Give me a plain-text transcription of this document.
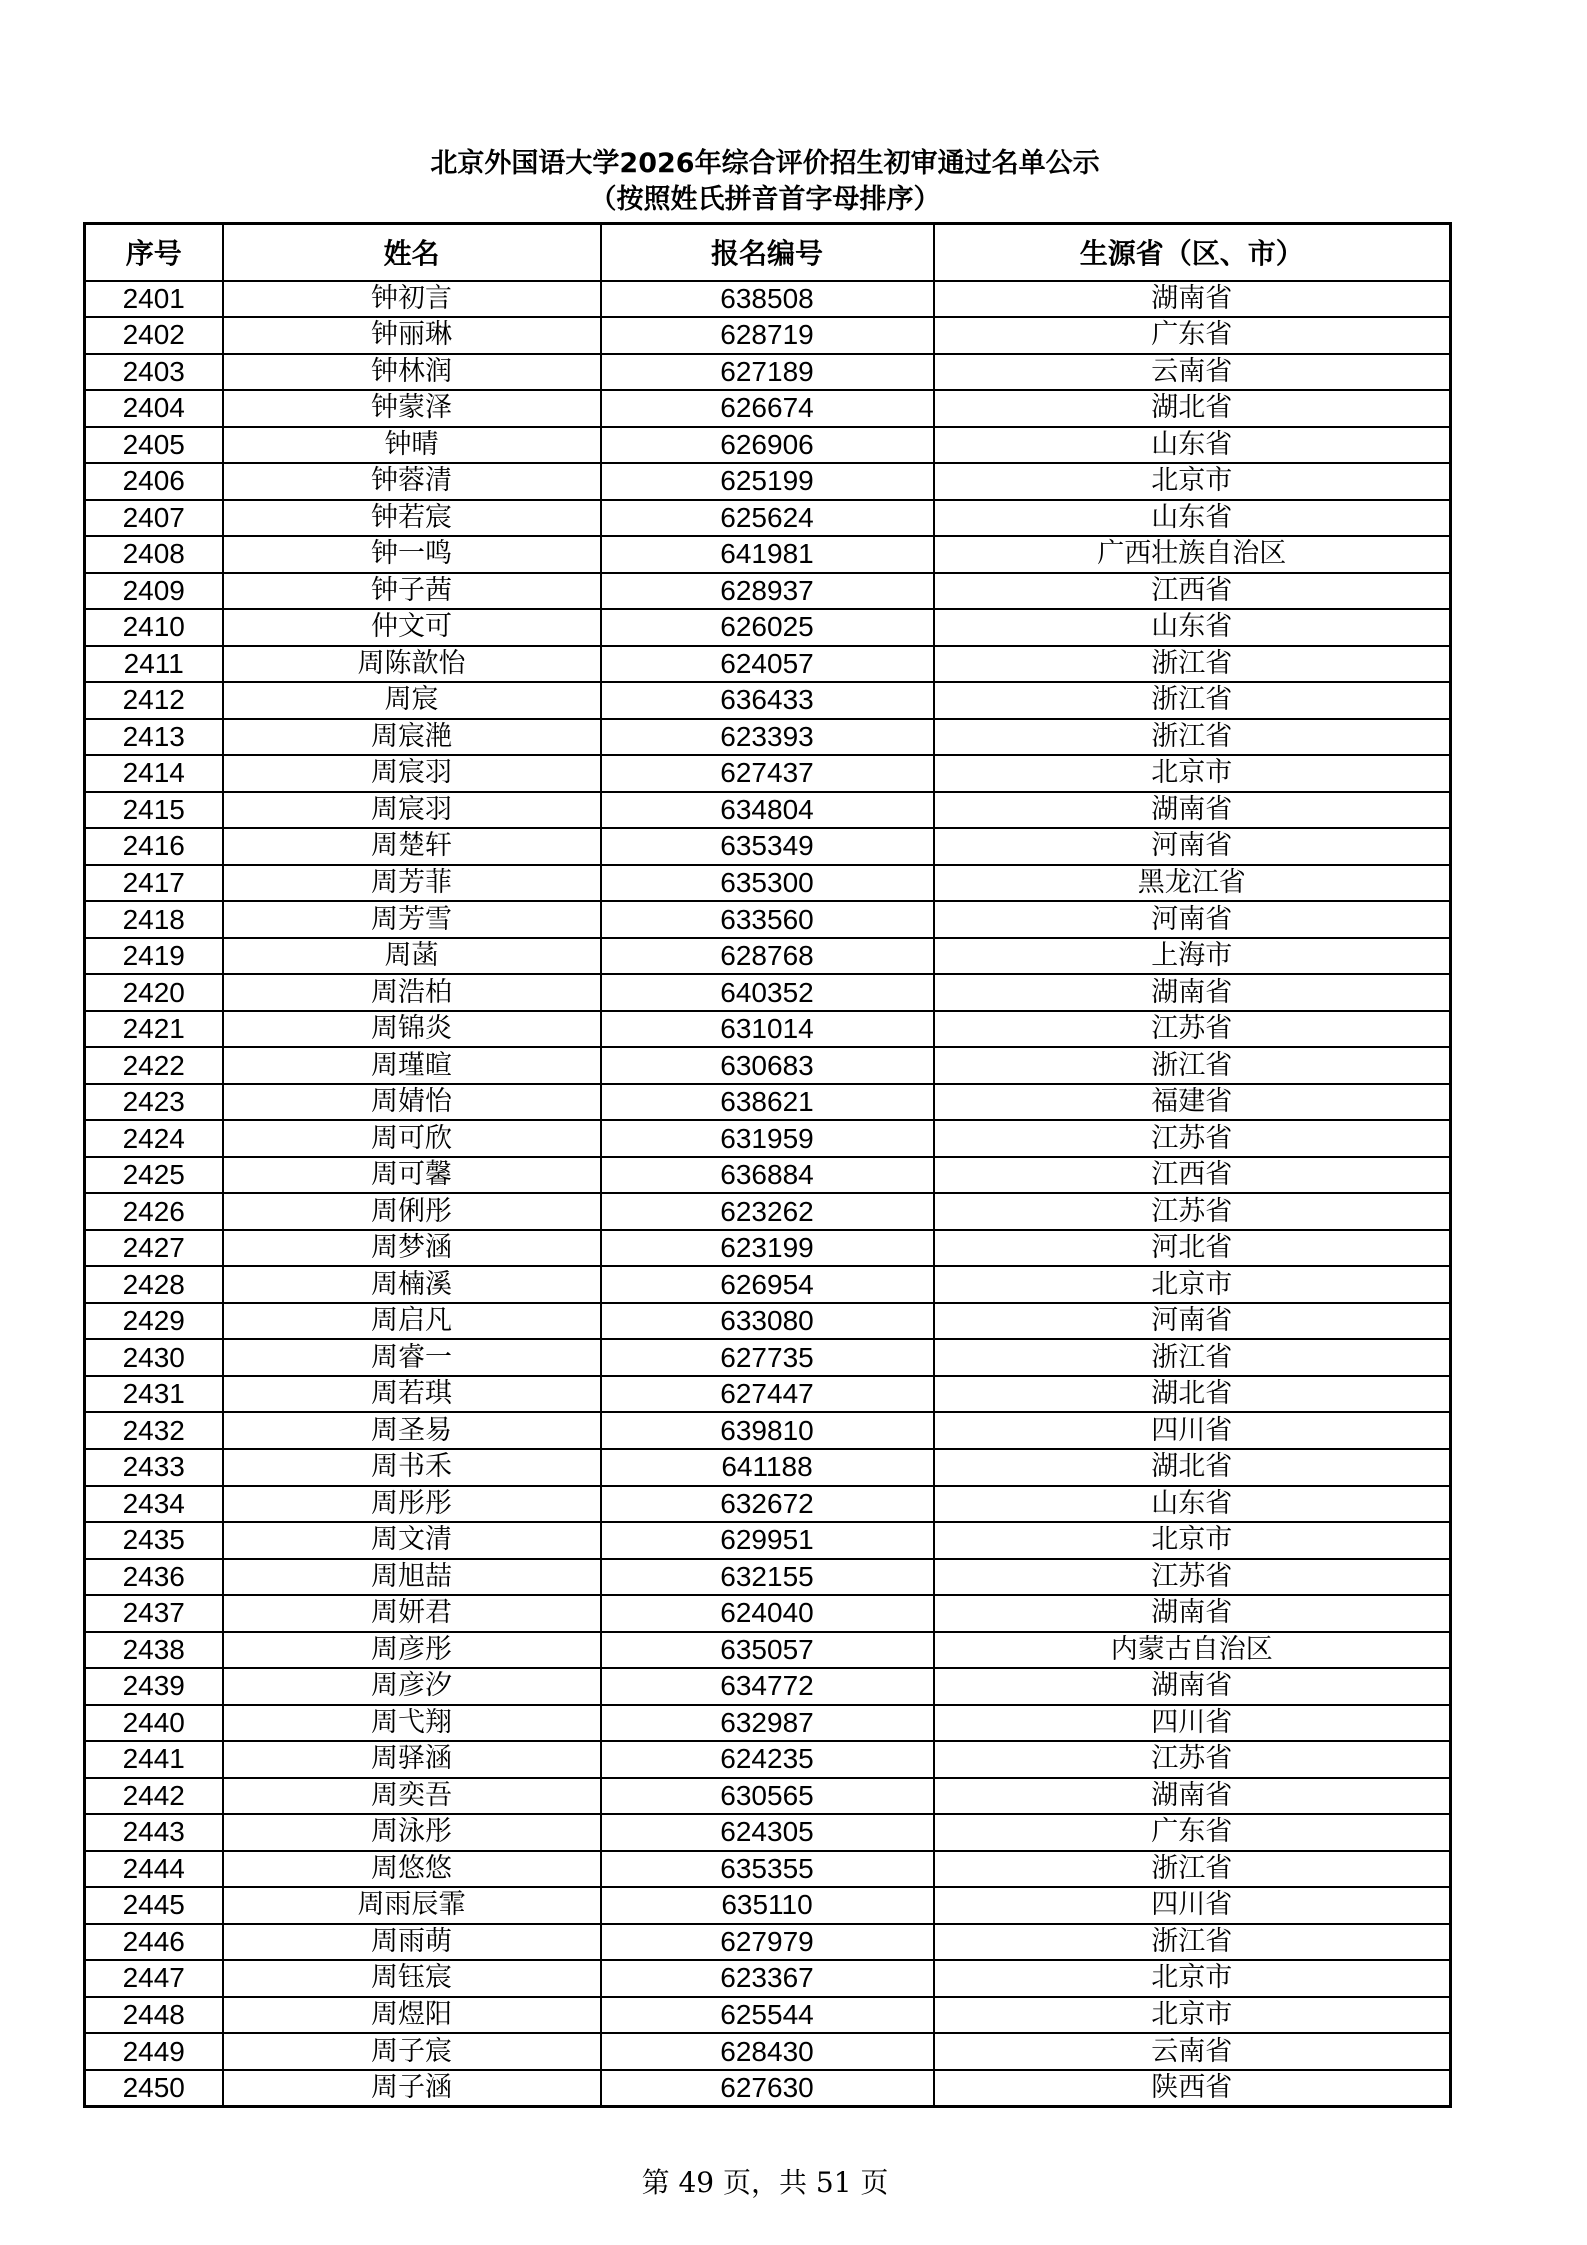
北京外国语大学2026年综合评价招生初审通过名单公示
（按照姓氏拼音首字母排序）
序号	姓名	报名编号	生源省（区、市）
2401	钟初言	638508	湖南省
2402	钟丽琳	628719	广东省
2403	钟林润	627189	云南省
2404	钟蒙泽	626674	湖北省
2405	钟晴	626906	山东省
2406	钟蓉清	625199	北京市
2407	钟若宸	625624	山东省
2408	钟一鸣	641981	广西壮族自治区
2409	钟子茜	628937	江西省
2410	仲文可	626025	山东省
2411	周陈歆怡	624057	浙江省
2412	周宸	636433	浙江省
2413	周宸滟	623393	浙江省
2414	周宸羽	627437	北京市
2415	周宸羽	634804	湖南省
2416	周楚轩	635349	河南省
2417	周芳菲	635300	黑龙江省
2418	周芳雪	633560	河南省
2419	周菡	628768	上海市
2420	周浩柏	640352	湖南省
2421	周锦炎	631014	江苏省
2422	周瑾暄	630683	浙江省
2423	周婧怡	638621	福建省
2424	周可欣	631959	江苏省
2425	周可馨	636884	江西省
2426	周俐彤	623262	江苏省
2427	周梦涵	623199	河北省
2428	周楠溪	626954	北京市
2429	周启凡	633080	河南省
2430	周睿一	627735	浙江省
2431	周若琪	627447	湖北省
2432	周圣易	639810	四川省
2433	周书禾	641188	湖北省
2434	周彤彤	632672	山东省
2435	周文清	629951	北京市
2436	周旭喆	632155	江苏省
2437	周妍君	624040	湖南省
2438	周彦彤	635057	内蒙古自治区
2439	周彦汐	634772	湖南省
2440	周弋翔	632987	四川省
2441	周驿涵	624235	江苏省
2442	周奕吾	630565	湖南省
2443	周泳彤	624305	广东省
2444	周悠悠	635355	浙江省
2445	周雨辰霏	635110	四川省
2446	周雨萌	627979	浙江省
2447	周钰宸	623367	北京市
2448	周煜阳	625544	北京市
2449	周子宸	628430	云南省
2450	周子涵	627630	陕西省
第 49 页，共 51 页
